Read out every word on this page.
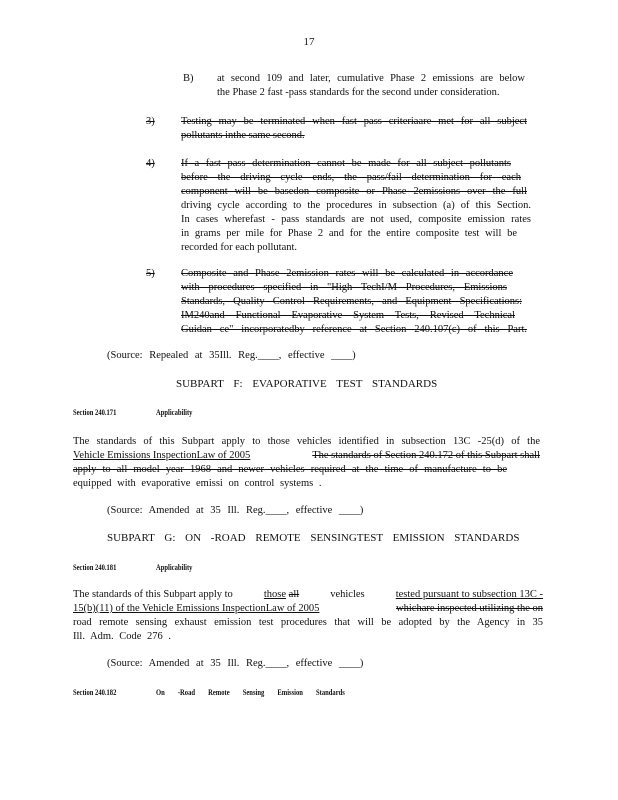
17
B) at second 109 and later, cumulative Phase 2 emissions are below
the Phase 2 fast -pass standards for the second under consideration.
3)	Testing may be terminated when fast pass criteriaare met for all subject
pollutants inthe same second.
4)	If a fast pass determination cannot be made for all subject pollutants
before the driving cycle ends, the pass/fail determination for each
component will be basedon composite or Phase 2emissions over the full
driving cycle according to the procedures in subsection (a) of this Section.
In cases wherefast - pass standards are not used, composite emission rates
in grams per mile for Phase 2 and for the entire composite test will be
recorded for each pollutant.
5)	Composite and Phase 2emission rates will be calculated in accordance
with procedures specified in "High TechI/M Procedures, Emissions
Standards, Quality Control Requirements, and Equipment Specifications:
IM240and Functional Evaporative System Tests, Revised Technical
Guidan ce" incorporatedby reference at Section 240.107(c) of this Part.
(Source: Repealed at 35Ill. Reg.____, effective ____)
SUBPART F: EVAPORATIVE TEST STANDARDS
Section 240.171	Applicability
The standards of this Subpart apply to those vehicles identified in subsection 13C -25(d) of the
Vehicle Emissions InspectionLaw of 2005	The standards of Section 240.172 of this Subpart shall
apply to all model year 1968 and newer vehicles required at the time of manufacture to be
equipped with evaporative emissi on control systems .
(Source: Amended at 35 Ill. Reg.____, effective ____)
SUBPART G: ON -ROAD REMOTE SENSINGTEST EMISSION STANDARDS
Section 240.181	Applicability
The standards of this Subpart apply to	those all	vehicles	tested pursuant to subsection 13C -
15(b)(11) of the Vehicle Emissions InspectionLaw of 2005	whichare inspected utilizing the on
road remote sensing exhaust emission test procedures that will be adopted by the Agency in 35
Ill. Adm. Code 276 .
(Source: Amended at 35 Ill. Reg.____, effective ____)
Section 240.182	On -Road Remote Sensing Emission Standards
